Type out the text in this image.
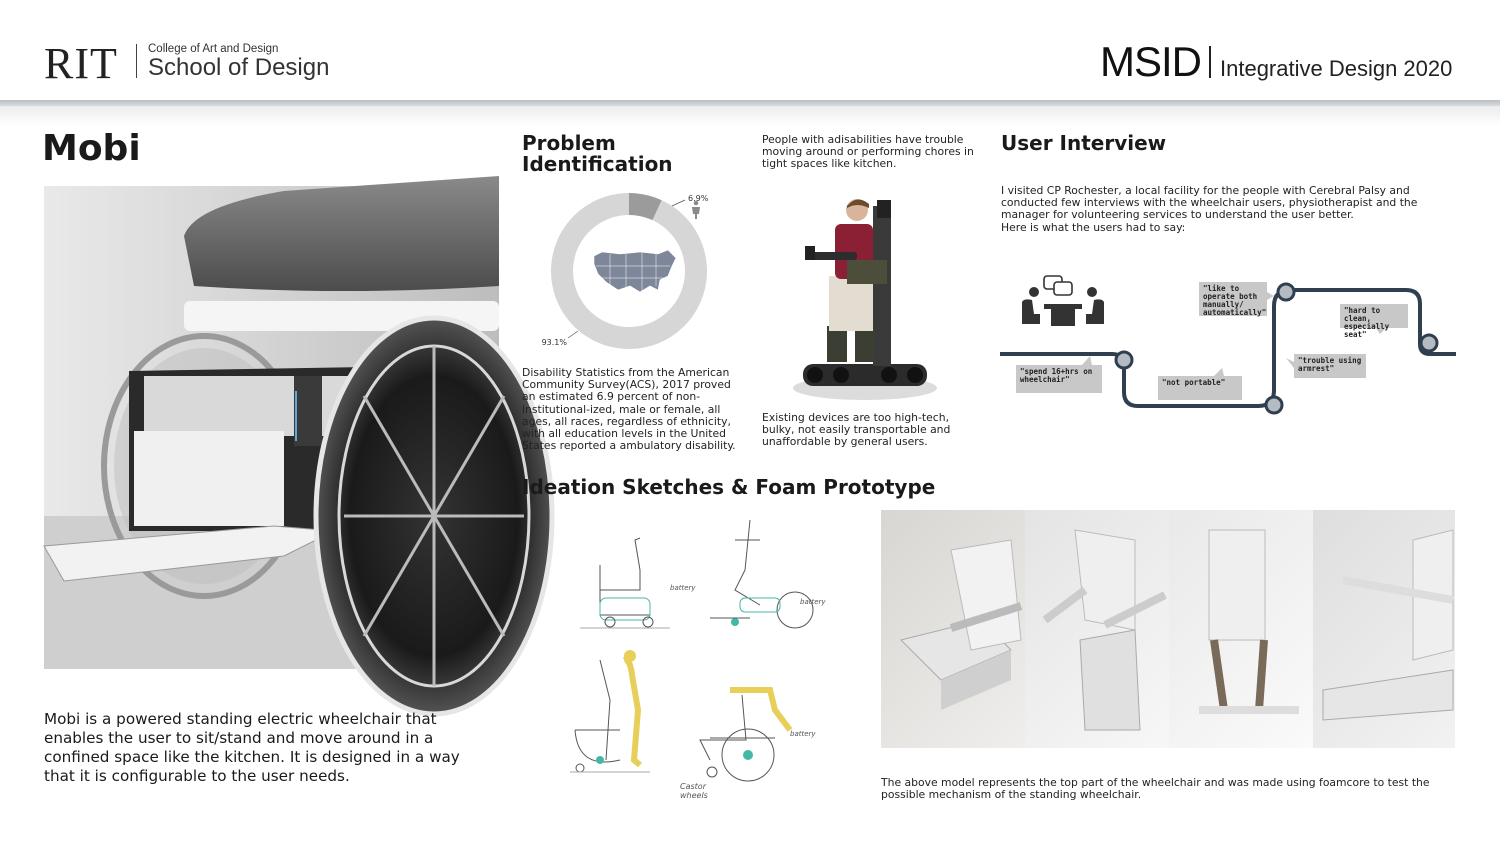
RIT	College of Art and Design
School of Design	MSID Integrative Design 2020
Mobi
Mobi is a powered standing electric wheelchair that enables the user to sit/stand and move around in a confined space like the kitchen. It is designed in a way that it is configurable to the user needs.
Problem
Identification
6.9%
93.1%
Disability Statistics from the American Community Survey(ACS), 2017 proved an estimated 6.9 percent of non-institutional-ized, male or female, all ages, all races, regardless of ethnicity, with all education levels in the United States reported a ambulatory disability.
People with adisabilities have trouble moving around or performing chores in tight spaces like kitchen.
Existing devices are too high-tech, bulky, not easily transportable and unaffordable by general users.
User Interview
I visited CP Rochester, a local facility for the people with Cerebral Palsy and conducted few interviews with the wheelchair users, physiotherapist and the manager for volunteering services to understand the user better.
Here is what the users had to say:
"spend 16+hrs on wheelchair"	"not portable"
"like to operate both manually/ automatically"
"trouble using armrest"
"hard to clean, especially seat"
Ideation Sketches & Foam Prototype
battery
battery
battery
Castor wheels
The above model represents the top part of the wheelchair and was made using foamcore to test the possible mechanism of the standing wheelchair.
